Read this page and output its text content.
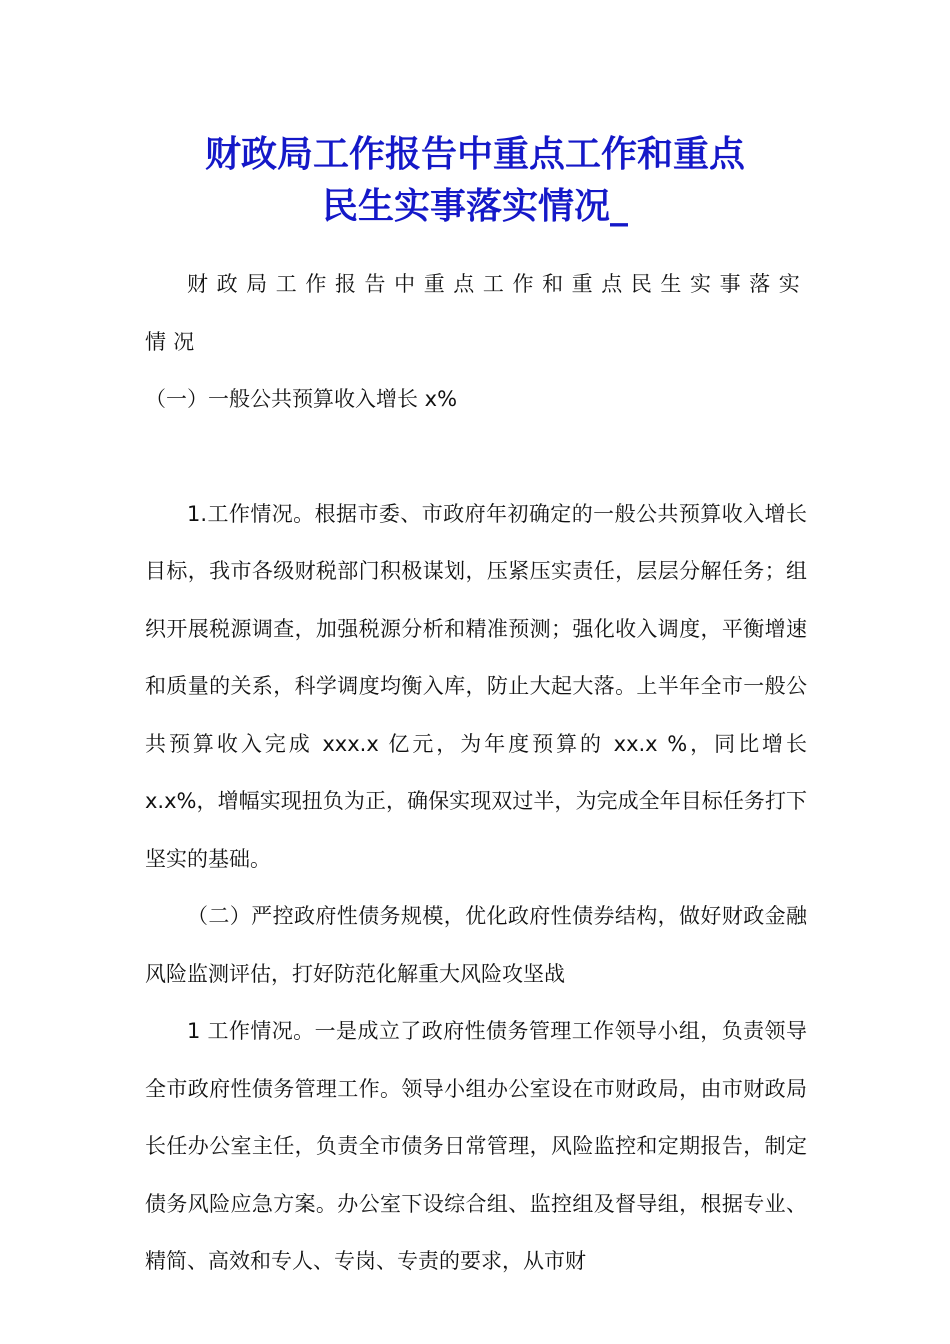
财政局工作报告中重点工作和重点
民生实事落实情况_

财政局工作报告中重点工作和重点民生实事落实情况

（一）一般公共预算收入增长 x%

1.工作情况。根据市委、市政府年初确定的一般公共预算收入增长目标，我市各级财税部门积极谋划，压紧压实责任，层层分解任务；组织开展税源调查，加强税源分析和精准预测；强化收入调度，平衡增速和质量的关系，科学调度均衡入库，防止大起大落。上半年全市一般公共预算收入完成 xxx.x 亿元，为年度预算的 xx.x %，同比增长 x.x%，增幅实现扭负为正，确保实现双过半，为完成全年目标任务打下坚实的基础。

（二）严控政府性债务规模，优化政府性债券结构，做好财政金融风险监测评估，打好防范化解重大风险攻坚战

1 工作情况。一是成立了政府性债务管理工作领导小组，负责领导全市政府性债务管理工作。领导小组办公室设在市财政局，由市财政局长任办公室主任，负责全市债务日常管理，风险监控和定期报告，制定债务风险应急方案。办公室下设综合组、监控组及督导组，根据专业、精简、高效和专人、专岗、专责的要求，从市财
